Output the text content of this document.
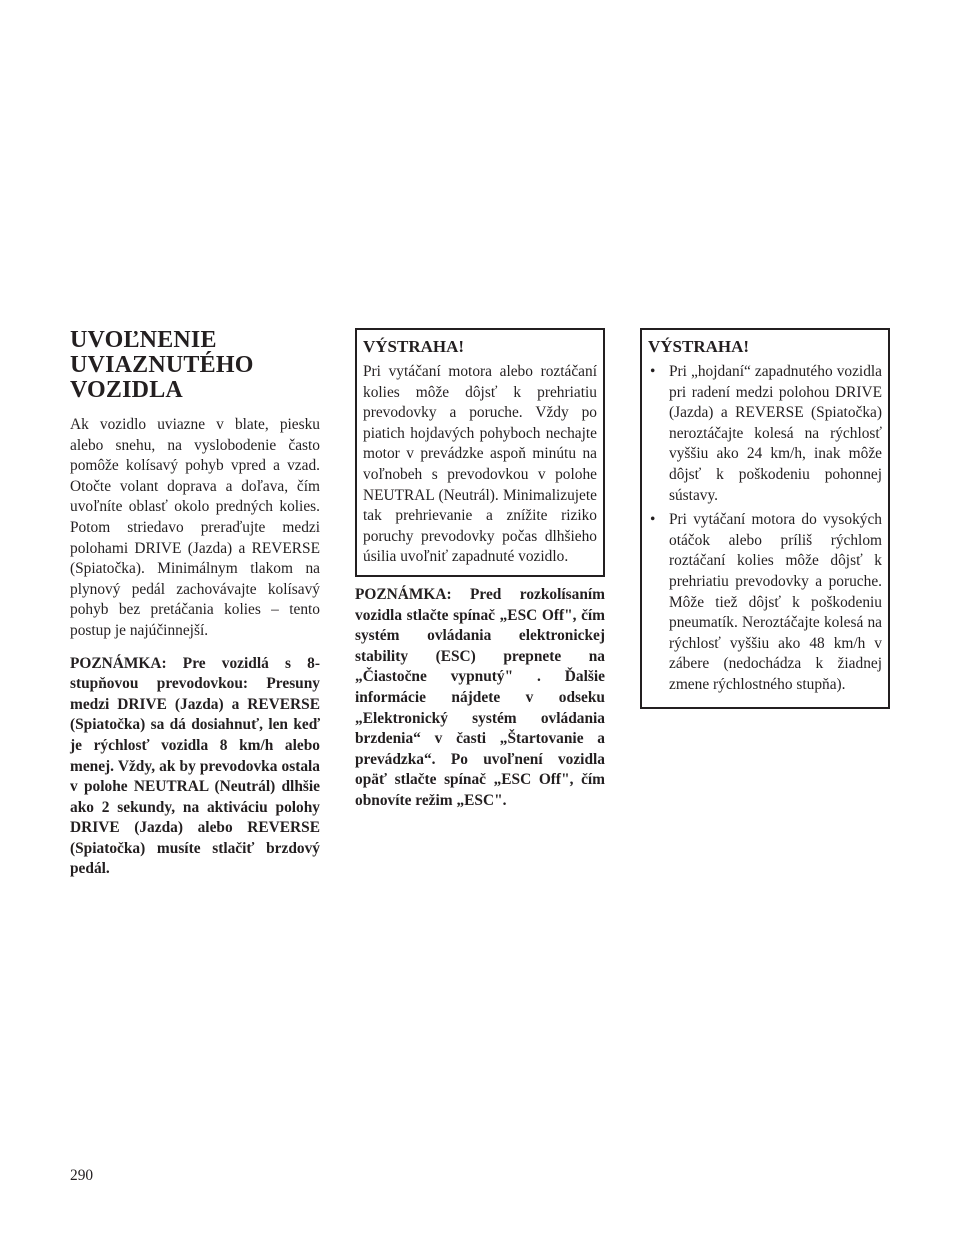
UVOĽNENIE UVIAZNUTÉHO VOZIDLA

Ak vozidlo uviazne v blate, piesku alebo snehu, na vyslobodenie často pomôže kolísavý pohyb vpred a vzad. Otočte volant doprava a doľava, čím uvoľníte oblasť okolo predných kolies. Potom striedavo preraďujte medzi polohami DRIVE (Jazda) a REVERSE (Spiatočka). Minimálnym tlakom na plynový pedál zachovávajte kolísavý pohyb bez pretáčania kolies – tento postup je najúčinnejší.

POZNÁMKA: Pre vozidlá s 8-stupňovou prevodovkou: Presuny medzi DRIVE (Jazda) a REVERSE (Spiatočka) sa dá dosiahnuť, len keď je rýchlosť vozidla 8 km/h alebo menej. Vždy, ak by prevodovka ostala v polohe NEUTRAL (Neutrál) dlhšie ako 2 sekundy, na aktiváciu polohy DRIVE (Jazda) alebo REVERSE (Spiatočka) musíte stlačiť brzdový pedál.

VÝSTRAHA!

Pri vytáčaní motora alebo roztáčaní kolies môže dôjsť k prehriatiu prevodovky a poruche. Vždy po piatich hojdavých pohyboch nechajte motor v prevádzke aspoň minútu na voľnobeh s prevodovkou v polohe NEUTRAL (Neutrál). Minimalizujete tak prehrievanie a znížite riziko poruchy prevodovky počas dlhšieho úsilia uvoľniť zapadnuté vozidlo.

POZNÁMKA: Pred rozkolísaním vozidla stlačte spínač „ESC Off", čím systém ovládania elektronickej stability (ESC) prepnete na „Čiastočne vypnutý" . Ďalšie informácie nájdete v odseku „Elektronický systém ovládania brzdenia“ v časti „Štartovanie a prevádzka“. Po uvoľnení vozidla opäť stlačte spínač „ESC Off", čím obnovíte režim „ESC".

VÝSTRAHA!
• Pri „hojdaní“ zapadnutého vozidla pri radení medzi polohou DRIVE (Jazda) a REVERSE (Spiatočka) neroztáčajte kolesá na rýchlosť vyššiu ako 24 km/h, inak môže dôjsť k poškodeniu pohonnej sústavy.
• Pri vytáčaní motora do vysokých otáčok alebo príliš rýchlom roztáčaní kolies môže dôjsť k prehriatiu prevodovky a poruche. Môže tiež dôjsť k poškodeniu pneumatík. Neroztáčajte kolesá na rýchlosť vyššiu ako 48 km/h v zábere (nedochádza k žiadnej zmene rýchlostného stupňa).
290
